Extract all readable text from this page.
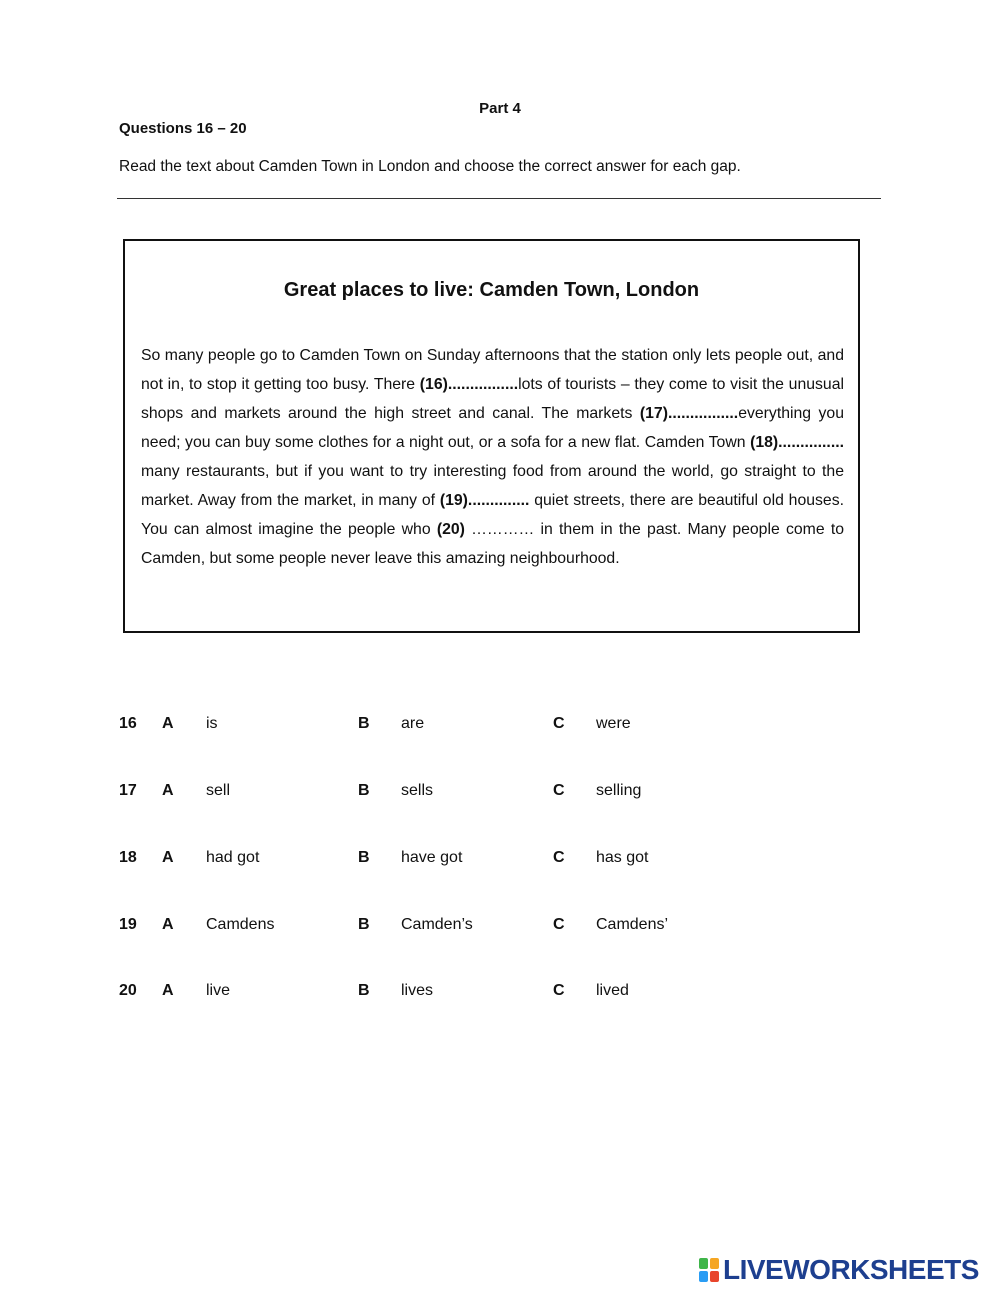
Part 4
Questions 16 – 20
Read the text about Camden Town in London and choose the correct answer for each gap.
Great places to live: Camden Town, London

So many people go to Camden Town on Sunday afternoons that the station only lets people out, and not in, to stop it getting too busy. There (16)................lots of tourists – they come to visit the unusual shops and markets around the high street and canal. The markets (17)................everything you need; you can buy some clothes for a night out, or a sofa for a new flat. Camden Town (18)............... many restaurants, but if you want to try interesting food from around the world, go straight to the market. Away from the market, in many of (19).............. quiet streets, there are beautiful old houses. You can almost imagine the people who (20) ………… in them in the past. Many people come to Camden, but some people never leave this amazing neighbourhood.

16 A is	B are	C were
17 A sell	B sells	C selling
18 A had got	B have got	C has got
19 A Camdens	B Camden’s	C Camdens’
20 A live	B lives	C lived
LIVEWORKSHEETS
